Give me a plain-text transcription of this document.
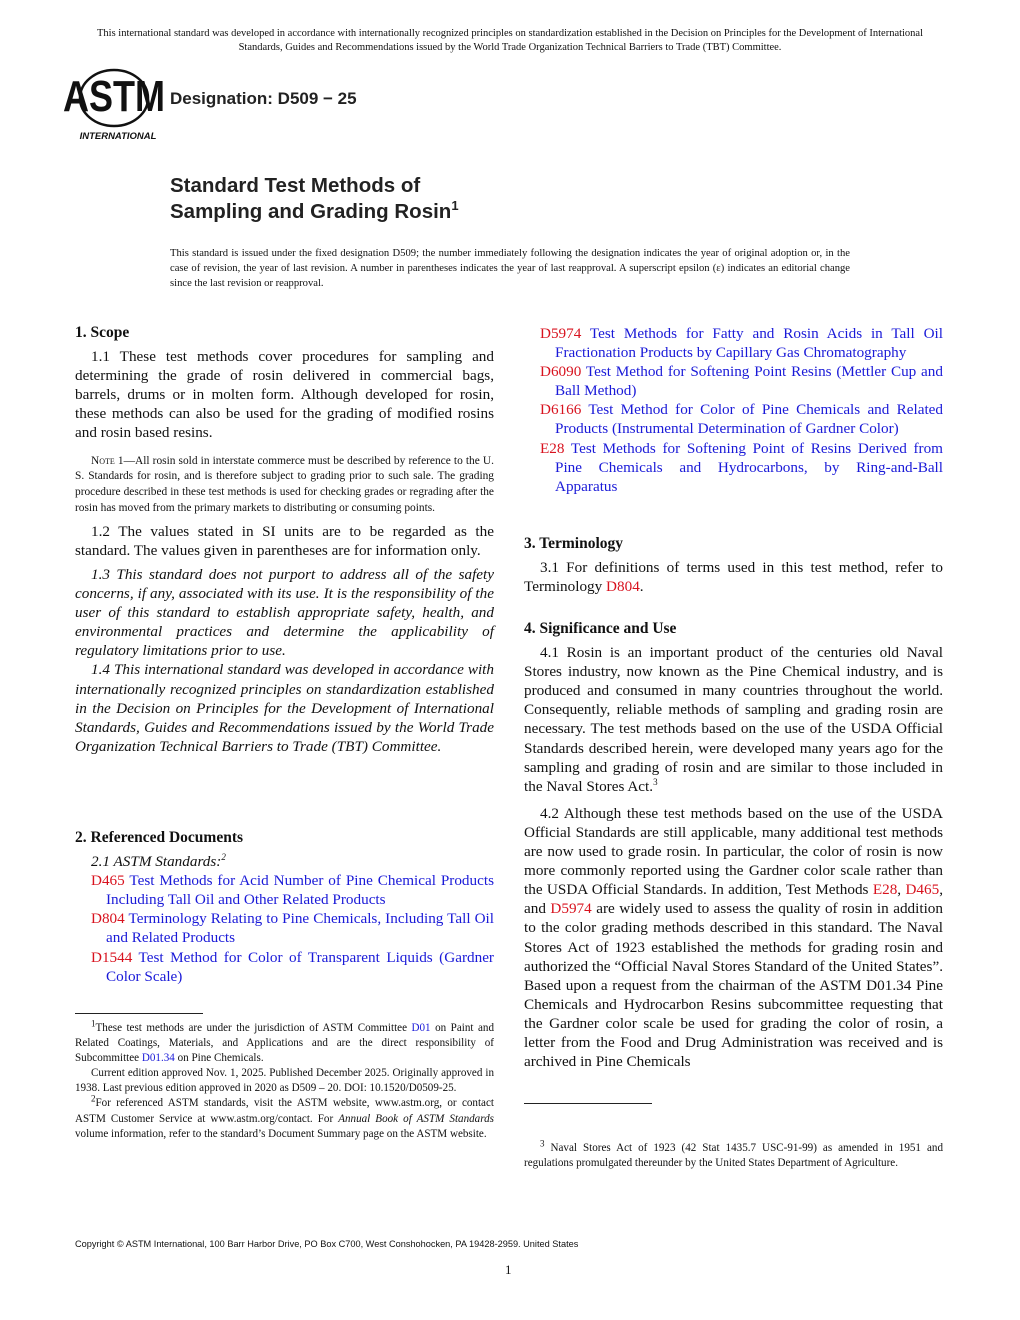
This international standard was developed in accordance with internationally recognized principles on standardization established in the Decision on Principles for the Development of International Standards, Guides and Recommendations issued by the World Trade Organization Technical Barriers to Trade (TBT) Committee.
ASTM
INTERNATIONAL
Designation: D509 − 25
Standard Test Methods of
Sampling and Grading Rosin$^1$
This standard is issued under the fixed designation D509; the number immediately following the designation indicates the year of original adoption or, in the case of revision, the year of last revision. A number in parentheses indicates the year of last reapproval. A superscript epsilon (ε) indicates an editorial change since the last revision or reapproval.
1. Scope

1.1 These test methods cover procedures for sampling and determining the grade of rosin delivered in commercial bags, barrels, drums or in molten form. Although developed for rosin, these methods can also be used for the grading of modified rosins and rosin based resins.

Note 1—All rosin sold in interstate commerce must be described by reference to the U. S. Standards for rosin, and is therefore subject to grading prior to such sale. The grading procedure described in these test methods is used for checking grades or regrading after the rosin has moved from the primary markets to distributing or consuming points.

1.2 The values stated in SI units are to be regarded as the standard. The values given in parentheses are for information only.

1.3 This standard does not purport to address all of the safety concerns, if any, associated with its use. It is the responsibility of the user of this standard to establish appropriate safety, health, and environmental practices and determine the applicability of regulatory limitations prior to use.

1.4 This international standard was developed in accordance with internationally recognized principles on standardization established in the Decision on Principles for the Development of International Standards, Guides and Recommendations issued by the World Trade Organization Technical Barriers to Trade (TBT) Committee.

2. Referenced Documents

2.1 ASTM Standards:$^2$

D465 Test Methods for Acid Number of Pine Chemical Products Including Tall Oil and Other Related Products

D804 Terminology Relating to Pine Chemicals, Including Tall Oil and Related Products

D1544 Test Method for Color of Transparent Liquids (Gardner Color Scale)

$^1$These test methods are under the jurisdiction of ASTM Committee D01 on Paint and Related Coatings, Materials, and Applications and are the direct responsibility of Subcommittee D01.34 on Pine Chemicals.

Current edition approved Nov. 1, 2025. Published December 2025. Originally approved in 1938. Last previous edition approved in 2020 as D509 – 20. DOI: 10.1520/D0509-25.

$^2$For referenced ASTM standards, visit the ASTM website, www.astm.org, or contact ASTM Customer Service at www.astm.org/contact. For Annual Book of ASTM Standards volume information, refer to the standard’s Document Summary page on the ASTM website.

D5974 Test Methods for Fatty and Rosin Acids in Tall Oil Fractionation Products by Capillary Gas Chromatography

D6090 Test Method for Softening Point Resins (Mettler Cup and Ball Method)

D6166 Test Method for Color of Pine Chemicals and Related Products (Instrumental Determination of Gardner Color)

E28 Test Methods for Softening Point of Resins Derived from Pine Chemicals and Hydrocarbons, by Ring-and-Ball Apparatus

3. Terminology

3.1 For definitions of terms used in this test method, refer to Terminology D804.

4. Significance and Use

4.1 Rosin is an important product of the centuries old Naval Stores industry, now known as the Pine Chemical industry, and is produced and consumed in many countries throughout the world. Consequently, reliable methods of sampling and grading rosin are necessary. The test methods based on the use of the USDA Official Standards described herein, were developed many years ago for the sampling and grading of rosin and are similar to those included in the Naval Stores Act.$^3$

4.2 Although these test methods based on the use of the USDA Official Standards are still applicable, many additional test methods are now used to grade rosin. In particular, the color of rosin is now more commonly reported using the Gardner color scale rather than the USDA Official Standards. In addition, Test Methods E28, D465, and D5974 are widely used to assess the quality of rosin in addition to the color grading methods described in this standard. The Naval Stores Act of 1923 established the methods for grading rosin and authorized the “Official Naval Stores Standard of the United States”. Based upon a request from the chairman of the ASTM D01.34 Pine Chemicals and Hydrocarbon Resins subcommittee requesting that the Gardner color scale be used for grading the color of rosin, a letter from the Food and Drug Administration was received and is archived in Pine Chemicals

$^3$ Naval Stores Act of 1923 (42 Stat 1435.7 USC-91-99) as amended in 1951 and regulations promulgated thereunder by the United States Department of Agriculture.

Copyright © ASTM International, 100 Barr Harbor Drive, PO Box C700, West Conshohocken, PA 19428-2959. United States
1
